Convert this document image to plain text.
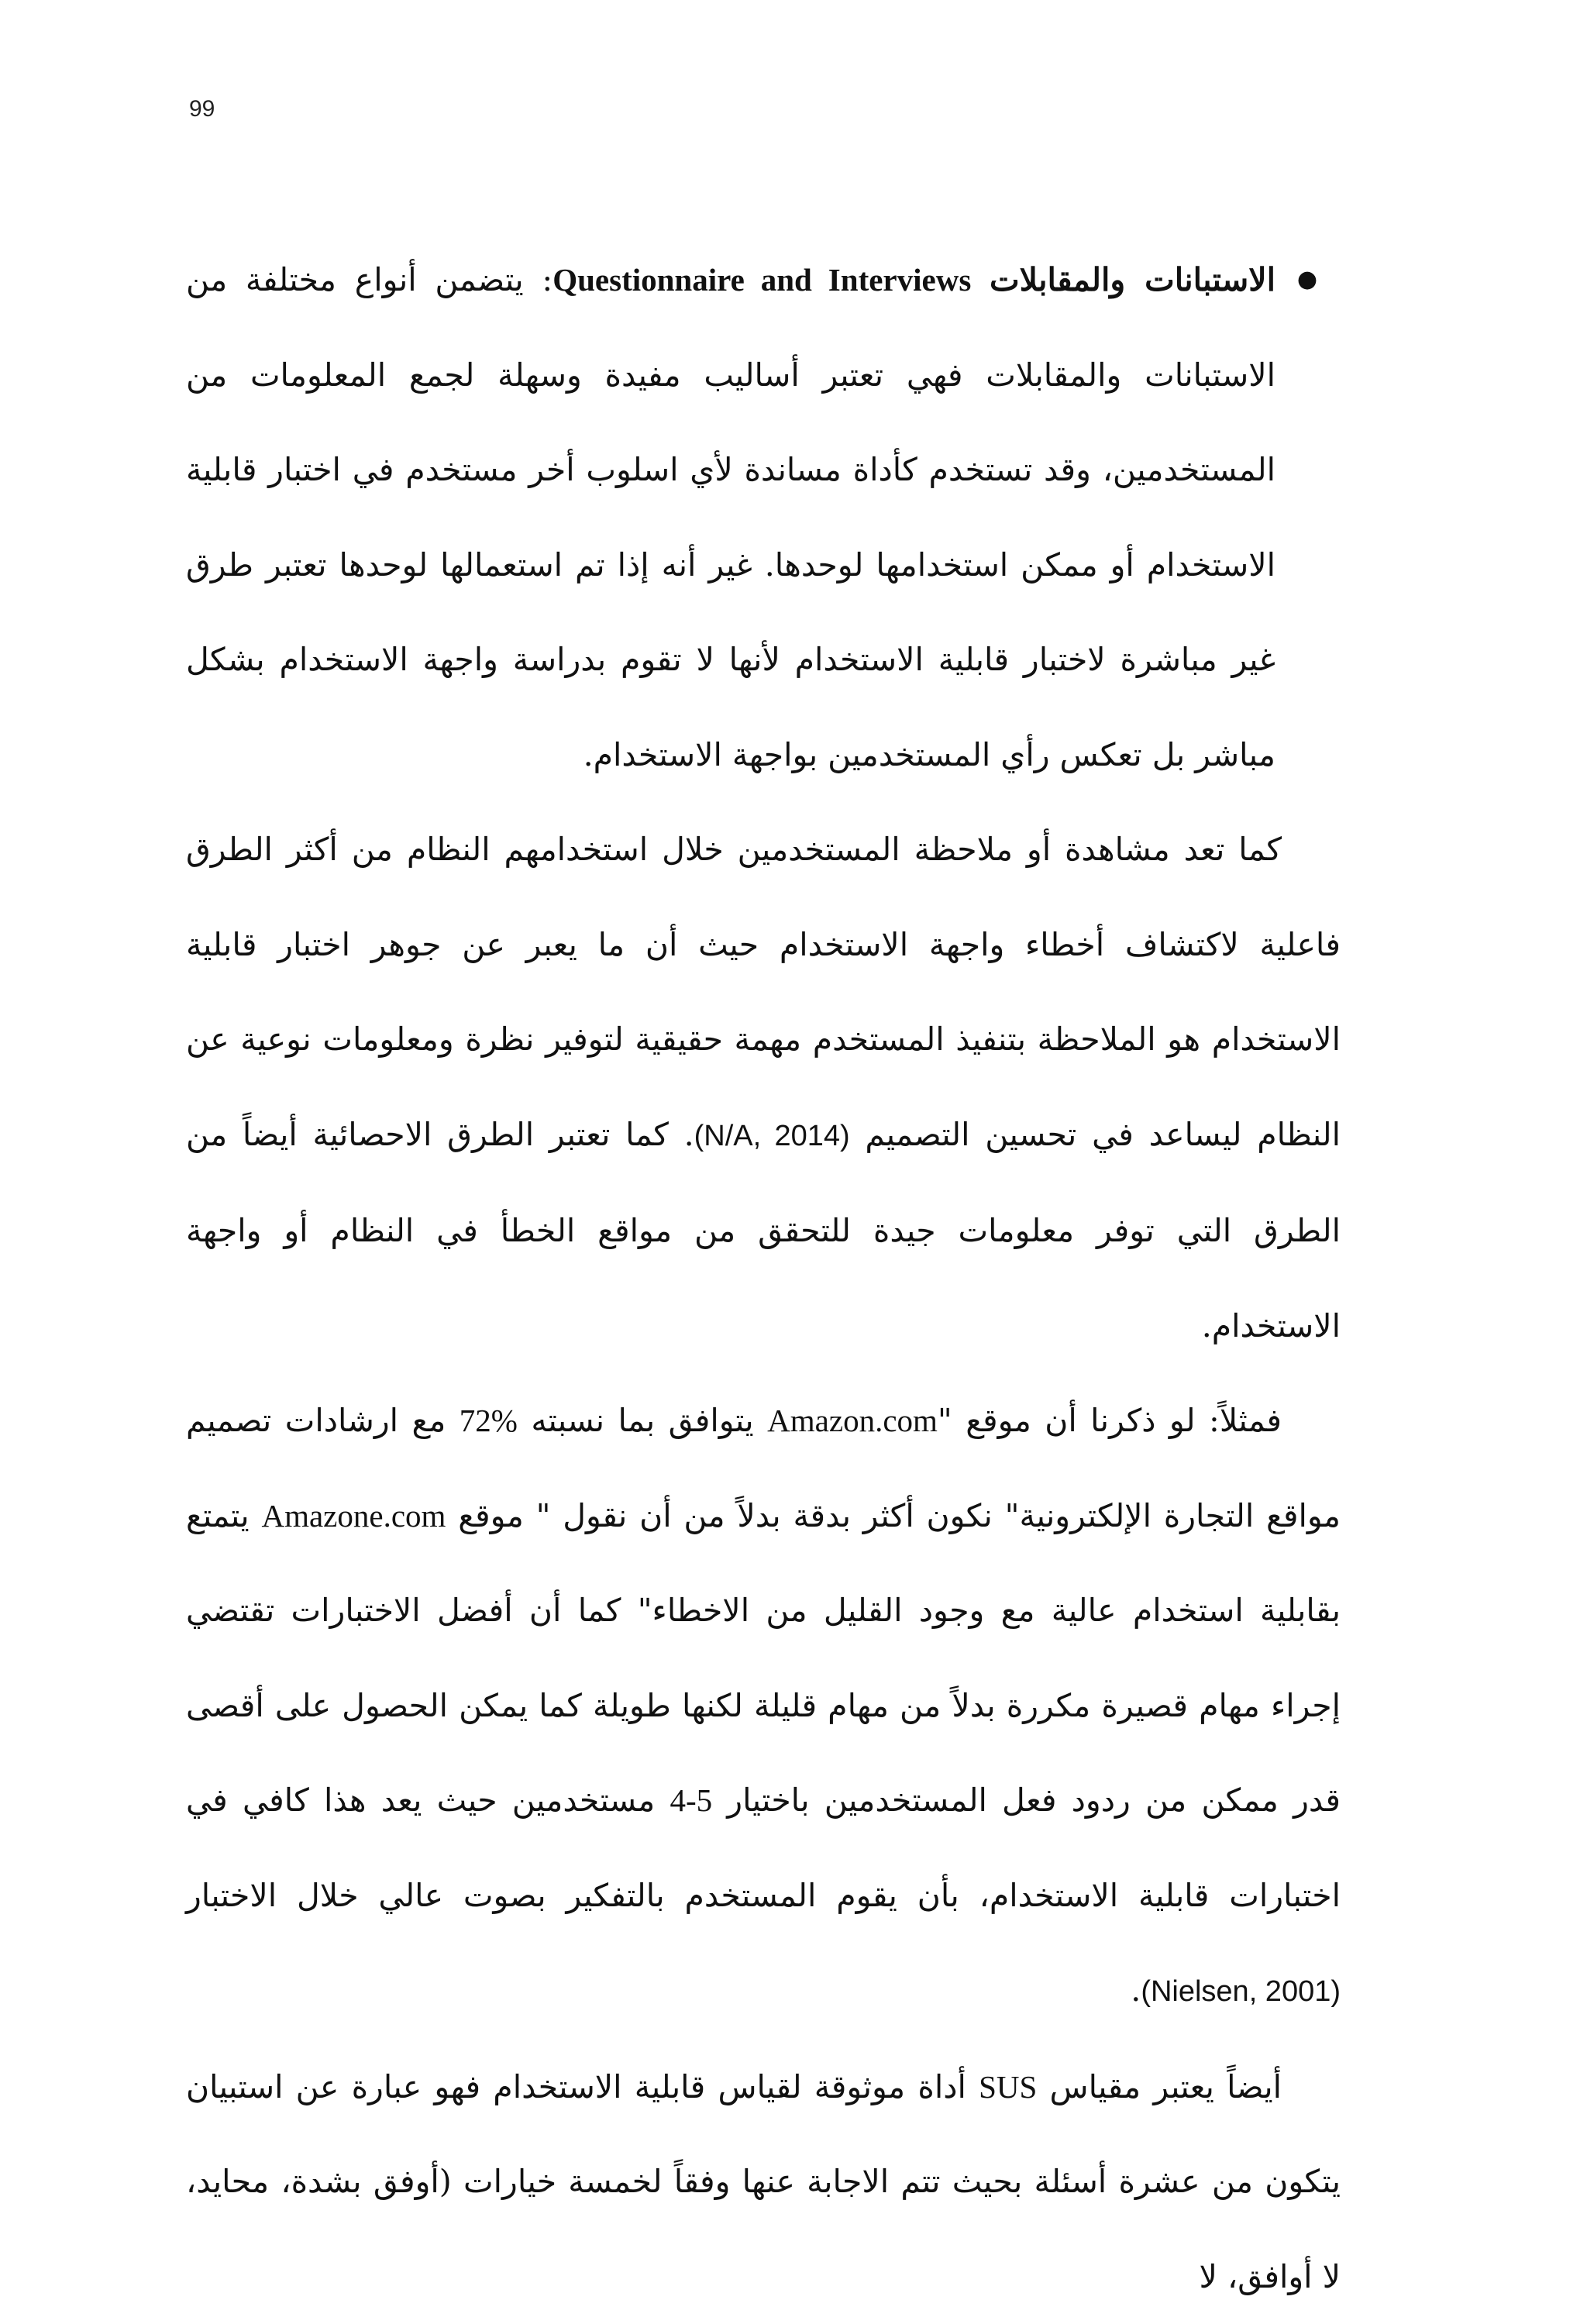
99

●
الاستبانات والمقابلات Questionnaire and Interviews: يتضمن أنواع مختلفة من الاستبانات والمقابلات فهي تعتبر أساليب مفيدة وسهلة لجمع المعلومات من المستخدمين، وقد تستخدم كأداة مساندة لأي اسلوب أخر مستخدم في اختبار قابلية الاستخدام أو ممكن استخدامها لوحدها. غير أنه إذا تم استعمالها لوحدها تعتبر طرق غير مباشرة لاختبار قابلية الاستخدام لأنها لا تقوم بدراسة واجهة الاستخدام بشكل مباشر بل تعكس رأي المستخدمين بواجهة الاستخدام.

كما تعد مشاهدة أو ملاحظة المستخدمين خلال استخدامهم النظام من أكثر الطرق فاعلية لاكتشاف أخطاء واجهة الاستخدام حيث أن ما يعبر عن جوهر اختبار قابلية الاستخدام هو الملاحظة بتنفيذ المستخدم مهمة حقيقية لتوفير نظرة ومعلومات نوعية عن النظام ليساعد في تحسين التصميم (N/A, 2014). كما تعتبر الطرق الاحصائية أيضاً من الطرق التي توفر معلومات جيدة للتحقق من مواقع الخطأ في النظام أو واجهة الاستخدام.

فمثلاً: لو ذكرنا أن موقع "Amazon.com يتوافق بما نسبته 72% مع ارشادات تصميم مواقع التجارة الإلكترونية" نكون أكثر بدقة بدلاً من أن نقول " موقع Amazone.com يتمتع بقابلية استخدام عالية مع وجود القليل من الاخطاء" كما أن أفضل الاختبارات تقتضي إجراء مهام قصيرة مكررة بدلاً من مهام قليلة لكنها طويلة كما يمكن الحصول على أقصى قدر ممكن من ردود فعل المستخدمين باختيار 4-5 مستخدمين حيث يعد هذا كافي في اختبارات قابلية الاستخدام، بأن يقوم المستخدم بالتفكير بصوت عالي خلال الاختبار (Nielsen, 2001).

أيضاً يعتبر مقياس SUS أداة موثوقة لقياس قابلية الاستخدام فهو عبارة عن استبيان يتكون من عشرة أسئلة بحيث تتم الاجابة عنها وفقاً لخمسة خيارات (أوفق بشدة، محايد، لا أوافق، لا
